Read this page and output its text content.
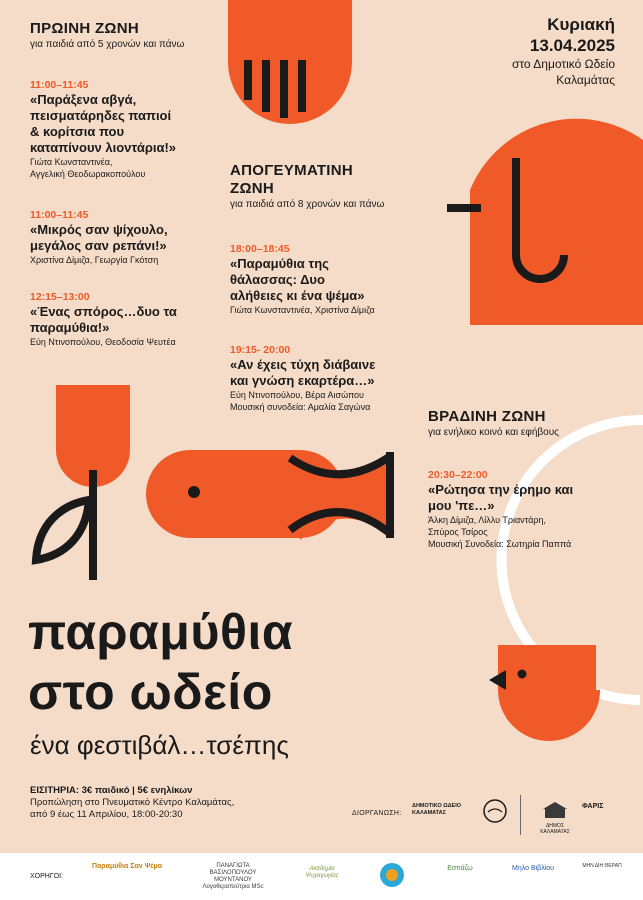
ΠΡΩΙΝΗ ΖΩΝΗ
για παιδιά από 5 χρονών και πάνω
11:00–11:45
«Παράξενα αβγά,
πεισματάρηδες παπιοί
& κορίτσια που
καταπίνουν λιοντάρια!»
Γιώτα Κωνσταντινέα,
Αγγελική Θεοδωρακοπούλου
11:00–11:45
«Μικρός σαν ψίχουλο,
μεγάλος σαν ρεπάνι!»
Χριστίνα Δίμιζα, Γεωργία Γκότση
12:15–13:00
«Ένας σπόρος…δυο τα
παραμύθια!»
Εύη Ντινοπούλου, Θεοδοσία Ψευτέα
Κυριακή
13.04.2025
στο Δημοτικό Ωδείο
Καλαμάτας
ΑΠΟΓΕΥΜΑΤΙΝΗ
ΖΩΝΗ
για παιδιά από 8 χρονών και πάνω
18:00–18:45
«Παραμύθια της
θάλασσας: Δυο
αλήθειες κι ένα ψέμα»
Γιώτα Κωνσταντινέα, Χριστίνα Δίμιζα
19:15- 20:00
«Αν έχεις τύχη διάβαινε
και γνώση εκαρτέρα…»
Εύη Ντινοπούλου, Βέρα Αισώπου
Μουσική συνοδεία: Αμαλία Σαγώνα
ΒΡΑΔΙΝΗ ΖΩΝΗ
για ενήλικο κοινό και εφήβους
20:30–22:00
«Ρώτησα την έρημο και
μου 'πε…»
Άλκη Δίμιζα, Λίλλυ Τριαντάρη,
Σπύρος Τσίρος
Μουσική Συνοδεία: Σωτηρία Παππά
παραμύθια
στο ωδείο
ένα φεστιβάλ…τσέπης
ΕΙΣΙΤΗΡΙΑ: 3€ παιδικό | 5€ ενηλίκων
Προπώληση στο Πνευματικό Κέντρο Καλαμάτας,
από 9 έως 11 Απριλίου, 18:00-20:30	ΔΙΟΡΓΑΝΩΣΗ:
ΔΗΜΟΤΙΚΟ ΩΔΕΙΟ ΚΑΛΑΜΑΤΑΣ
ΔΗΜΟΣ ΚΑΛΑΜΑΤΑΣ
ΦΑΡΙΣ
ΧΟΡΗΓΟΙ:
Παραμύθια Σαν Ψέμα	ΠΑΝΑΓΙΩΤΑ ΒΑΣΙΛΟΠΟΥΛΟΥ ΜΟΥΝΤΑΝΟΥ Λογοθεραπεύτρια MSc
Ακαδημία Ψυχαγωγίας
Εστιάζω	Μηλο Βιβλίου	ΜΗΝ ΔΙΗ ΘΕΡΑΠ
